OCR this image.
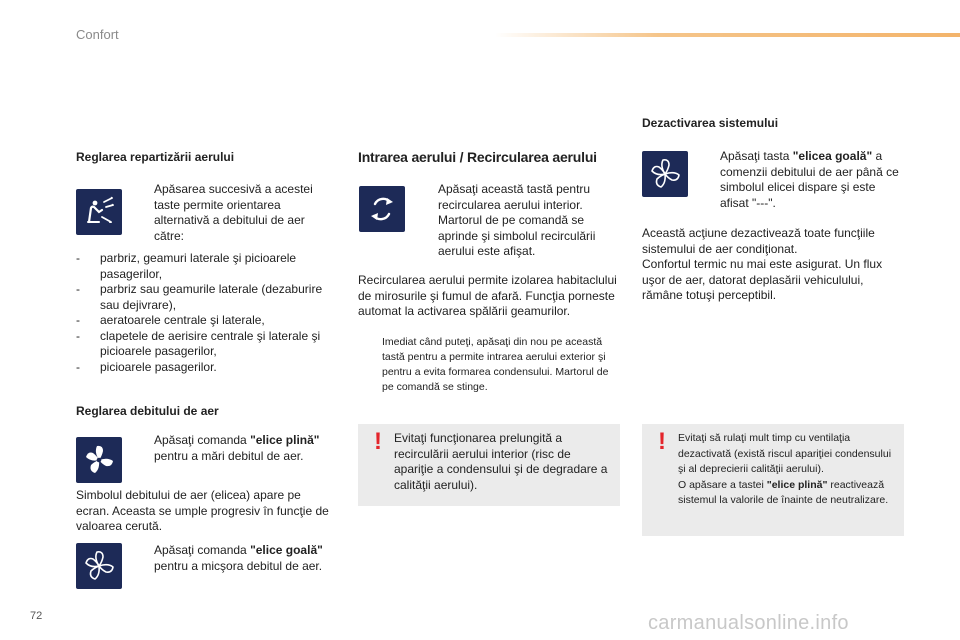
Confort
Reglarea repartizării aerului
Apăsarea succesivă a acestei taste permite orientarea alternativă a debitului de aer către:
- parbriz, geamuri laterale şi picioarele pasagerilor,
- parbriz sau geamurile laterale (dezaburire sau dejivrare),
- aeratoarele centrale şi laterale,
- clapetele de aerisire centrale şi laterale şi picioarele pasagerilor,
- picioarele pasagerilor.
Reglarea debitului de aer
Apăsaţi comanda "elice plină" pentru a mări debitul de aer.
Simbolul debitului de aer (elicea) apare pe ecran. Aceasta se umple progresiv în funcţie de valoarea cerută.
Apăsaţi comanda "elice goală" pentru a micşora debitul de aer.
Intrarea aerului / Recircularea aerului
Apăsaţi această tastă pentru recircularea aerului interior. Martorul de pe comandă se aprinde şi simbolul recirculării aerului este afişat.
Recircularea aerului permite izolarea habitaclului de mirosurile şi fumul de afară. Funcţia porneste automat la activarea spălării geamurilor.
Imediat când puteţi, apăsaţi din nou pe această tastă pentru a permite intrarea aerului exterior şi pentru a evita formarea condensului. Martorul de pe comandă se stinge.
! Evitaţi funcţionarea prelungită a recirculării aerului interior (risc de apariţie a condensului şi de degradare a calităţii aerului).
Dezactivarea sistemului
Apăsaţi tasta "elicea goală" a comenzii debitului de aer până ce simbolul elicei dispare şi este afisat "---".
Această acţiune dezactivează toate funcţiile sistemului de aer condiţionat.
Confortul termic nu mai este asigurat. Un flux uşor de aer, datorat deplasării vehiculului, rămâne totuşi perceptibil.
! Evitaţi să rulaţi mult timp cu ventilaţia dezactivată (există riscul apariţiei condensului şi al deprecierii calităţii aerului).
O apăsare a tastei "elice plină" reactivează sistemul la valorile de înainte de neutralizare.
72	carmanualsonline.info
